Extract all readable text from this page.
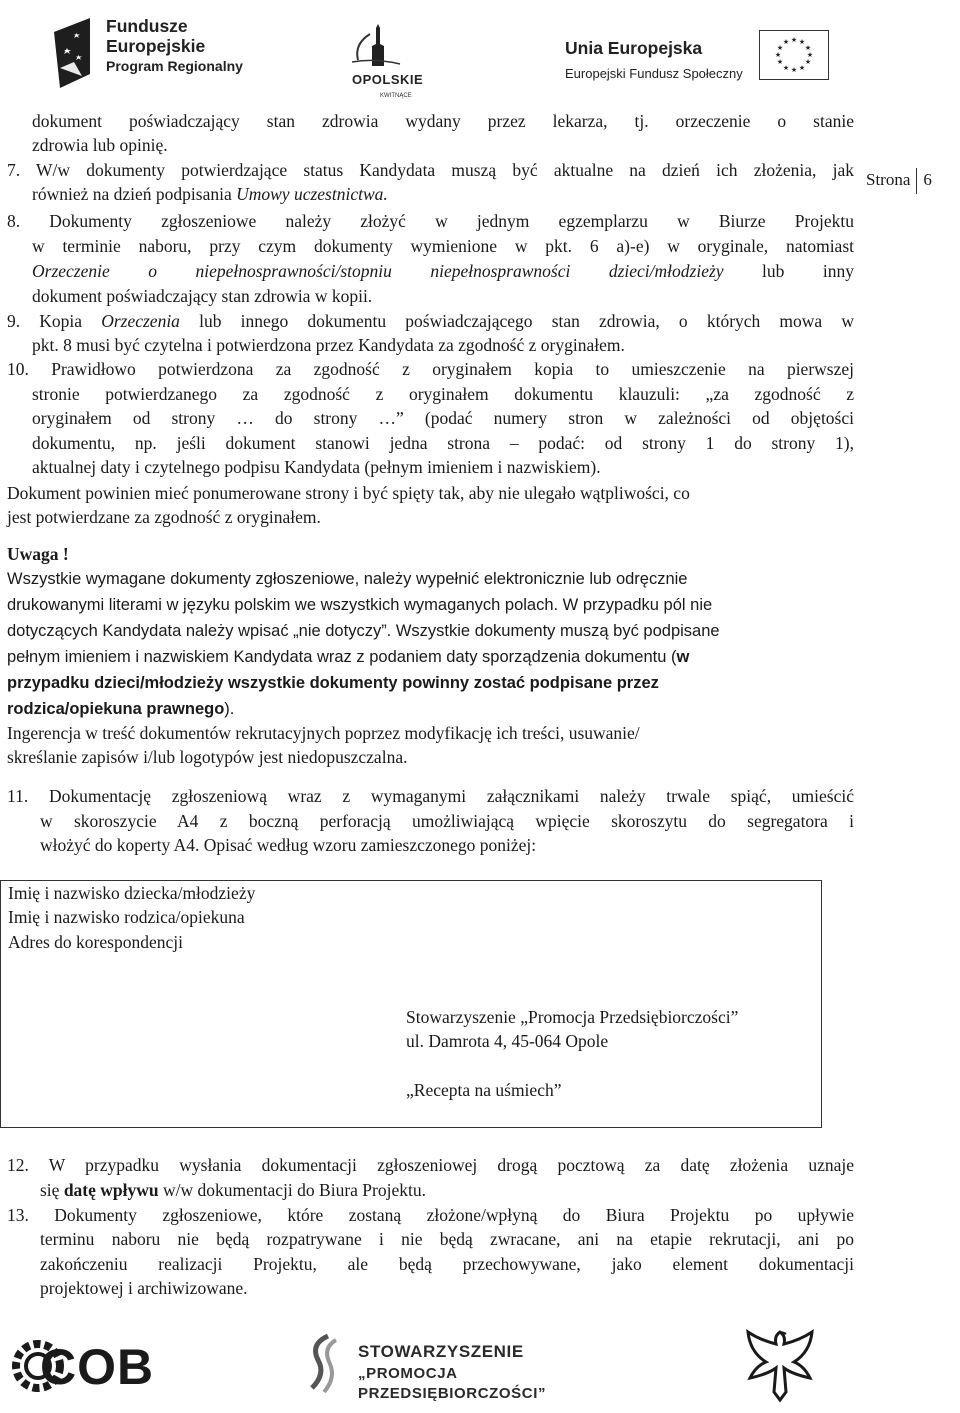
Fundusze
Europejskie
Program Regionalny
OPOLSKIE
KWITNĄCE
Unia Europejska
Europejski Fundusz Społeczny
★ ★
★
★
★
★
★
★
★
★
★
★
Strona 6
dokument poświadczający stan zdrowia wydany przez lekarza, tj. orzeczenie o stanie
zdrowia lub opinię.
7. W/w dokumenty potwierdzające status Kandydata muszą być aktualne na dzień ich złożenia, jak
również na dzień podpisania Umowy uczestnictwa.
8. Dokumenty zgłoszeniowe należy złożyć w jednym egzemplarzu w Biurze Projektu
w terminie naboru, przy czym dokumenty wymienione w pkt. 6 a)-e) w oryginale, natomiast
Orzeczenie o niepełnosprawności/stopniu niepełnosprawności dzieci/młodzieży lub inny
dokument poświadczający stan zdrowia w kopii.
9. Kopia Orzeczenia lub innego dokumentu poświadczającego stan zdrowia, o których mowa w
pkt. 8 musi być czytelna i potwierdzona przez Kandydata za zgodność z oryginałem.
10. Prawidłowo potwierdzona za zgodność z oryginałem kopia to umieszczenie na pierwszej
stronie potwierdzanego za zgodność z oryginałem dokumentu klauzuli: „za zgodność z
oryginałem od strony … do strony …” (podać numery stron w zależności od objętości
dokumentu, np. jeśli dokument stanowi jedna strona – podać: od strony 1 do strony 1),
aktualnej daty i czytelnego podpisu Kandydata (pełnym imieniem i nazwiskiem).
Dokument powinien mieć ponumerowane strony i być spięty tak, aby nie ulegało wątpliwości, co
jest potwierdzane za zgodność z oryginałem.
Uwaga !
Wszystkie wymagane dokumenty zgłoszeniowe, należy wypełnić elektronicznie lub odręcznie
drukowanymi literami w języku polskim we wszystkich wymaganych polach. W przypadku pól nie
dotyczących Kandydata należy wpisać „nie dotyczy”. Wszystkie dokumenty muszą być podpisane
pełnym imieniem i nazwiskiem Kandydata wraz z podaniem daty sporządzenia dokumentu (w
przypadku dzieci/młodzieży wszystkie dokumenty powinny zostać podpisane przez
rodzica/opiekuna prawnego).
Ingerencja w treść dokumentów rekrutacyjnych poprzez modyfikację ich treści, usuwanie/
skreślanie zapisów i/lub logotypów jest niedopuszczalna.
11. Dokumentację zgłoszeniową wraz z wymaganymi załącznikami należy trwale spiąć, umieścić
w skoroszycie A4 z boczną perforacją umożliwiającą wpięcie skoroszytu do segregatora i
włożyć do koperty A4. Opisać według wzoru zamieszczonego poniżej:
Imię i nazwisko dziecka/młodzieży
Imię i nazwisko rodzica/opiekuna
Adres do korespondencji
Stowarzyszenie „Promocja Przedsiębiorczości”
ul. Damrota 4, 45-064 Opole
„Recepta na uśmiech”
12. W przypadku wysłania dokumentacji zgłoszeniowej drogą pocztową za datę złożenia uznaje
się datę wpływu w/w dokumentacji do Biura Projektu.
13. Dokumenty zgłoszeniowe, które zostaną złożone/wpłyną do Biura Projektu po upływie
terminu naboru nie będą rozpatrywane i nie będą zwracane, ani na etapie rekrutacji, ani po
zakończeniu realizacji Projektu, ale będą przechowywane, jako element dokumentacji
projektowej i archiwizowane.
COB	STOWARZYSZENIE
„PROMOCJA PRZEDSIĘBIORCZOŚCI”
